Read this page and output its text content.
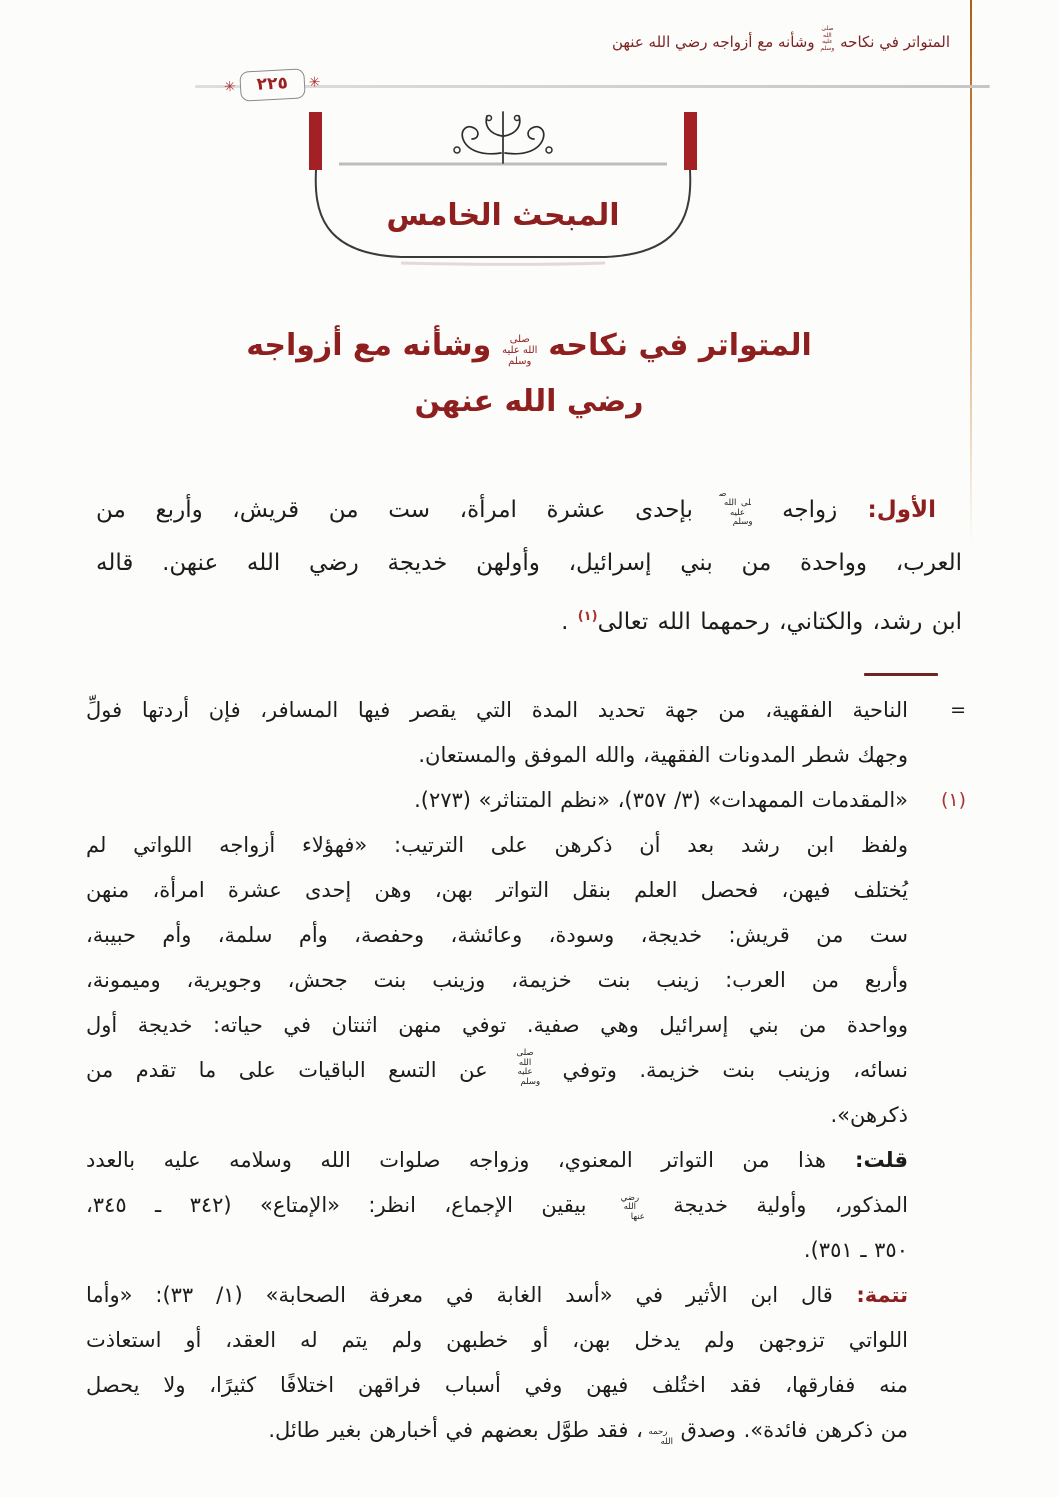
المتواتر في نكاحه صلى الله عليه وسلم وشأنه مع أزواجه رضي الله عنهن
✳
٢٢٥
✳
المبحث الخامس
المتواتر في نكاحه صلى الله عليه وسلم وشأنه مع أزواجه
رضي الله عنهن
الأول: زواجه صلى الله عليه وسلم بإحدى عشرة امرأة، ست من قريش، وأربع من
العرب، وواحدة من بني إسرائيل، وأولهن خديجة رضي الله عنهن. قاله
ابن رشد، والكتاني، رحمهما الله تعالى$^{(١)}$ .
الناحية الفقهية، من جهة تحديد المدة التي يقصر فيها المسافر، فإن أردتها فولِّ	=
وجهك شطر المدونات الفقهية، والله الموفق والمستعان.
«المقدمات الممهدات» (٣/ ٣٥٧)، «نظم المتناثر» (٢٧٣).	(١)
ولفظ ابن رشد بعد أن ذكرهن على الترتيب: «فهؤلاء أزواجه اللواتي لم
يُختلف فيهن، فحصل العلم بنقل التواتر بهن، وهن إحدى عشرة امرأة، منهن
ست من قريش: خديجة، وسودة، وعائشة، وحفصة، وأم سلمة، وأم حبيبة،
وأربع من العرب: زينب بنت خزيمة، وزينب بنت جحش، وجويرية، وميمونة،
وواحدة من بني إسرائيل وهي صفية. توفي منهن اثنتان في حياته: خديجة أول
نسائه، وزينب بنت خزيمة. وتوفي صلى الله عليه وسلم عن التسع الباقيات على ما تقدم من
ذكرهن».
قلت: هذا من التواتر المعنوي، وزواجه صلوات الله وسلامه عليه بالعدد
المذكور، وأولية خديجة رضي الله عنها بيقين الإجماع، انظر: «الإمتاع» (٣٤٢ ـ ٣٤٥،
٣٥٠ ـ ٣٥١).
تتمة: قال ابن الأثير في «أسد الغابة في معرفة الصحابة» (١/ ٣٣): «وأما
اللواتي تزوجهن ولم يدخل بهن، أو خطبهن ولم يتم له العقد، أو استعاذت
منه ففارقها، فقد اختُلف فيهن وفي أسباب فراقهن اختلافًا كثيرًا، ولا يحصل
من ذكرهن فائدة». وصدق رحمه الله، فقد طوَّل بعضهم في أخبارهن بغير طائل.
